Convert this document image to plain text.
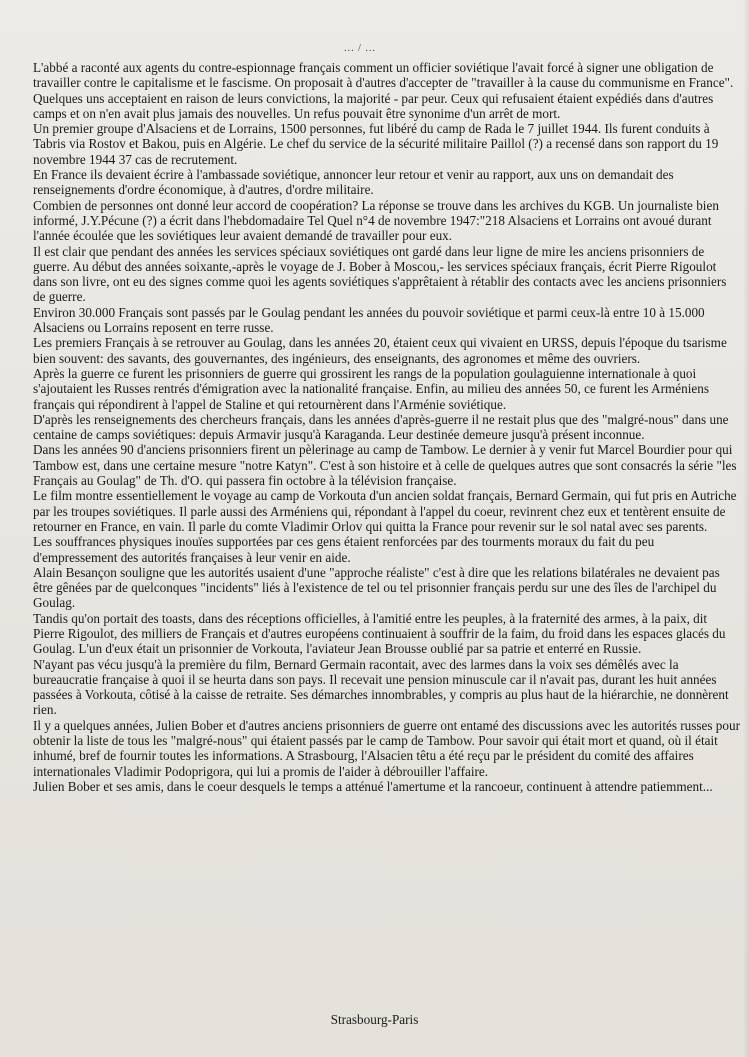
... / ...

L'abbé a raconté aux agents du contre-espionnage français comment un officier soviétique l'avait forcé à signer une obligation de travailler contre le capitalisme et le fascisme. On proposait à d'autres d'accepter de "travailler à la cause du communisme en France". Quelques uns acceptaient en raison de leurs convictions, la majorité - par peur. Ceux qui refusaient étaient expédiés dans d'autres camps et on n'en avait plus jamais des nouvelles. Un refus pouvait être synonime d'un arrêt de mort.

Un premier groupe d'Alsaciens et de Lorrains, 1500 personnes, fut libéré du camp de Rada le 7 juillet 1944. Ils furent conduits à Tabris via Rostov et Bakou, puis en Algérie. Le chef du service de la sécurité militaire Paillol (?) a recensé dans son rapport du 19 novembre 1944 37 cas de recrutement.

En France ils devaient écrire à l'ambassade soviétique, annoncer leur retour et venir au rapport, aux uns on demandait des renseignements d'ordre économique, à d'autres, d'ordre militaire.

Combien de personnes ont donné leur accord de coopération? La réponse se trouve dans les archives du KGB. Un journaliste bien informé, J.Y.Pécune (?) a écrit dans l'hebdomadaire Tel Quel n°4 de novembre 1947:"218 Alsaciens et Lorrains ont avoué durant l'année écoulée que les soviétiques leur avaient demandé de travailler pour eux.

Il est clair que pendant des années les services spéciaux soviétiques ont gardé dans leur ligne de mire les anciens prisonniers de guerre. Au début des années soixante,-après le voyage de J. Bober à Moscou,- les services spéciaux français, écrit Pierre Rigoulot dans son livre, ont eu des signes comme quoi les agents soviétiques s'apprêtaient à rétablir des contacts avec les anciens prisonniers de guerre.

Environ 30.000 Français sont passés par le Goulag pendant les années du pouvoir soviétique et parmi ceux-là entre 10 à 15.000 Alsaciens ou Lorrains reposent en terre russe.

Les premiers Français à se retrouver au Goulag, dans les années 20, étaient ceux qui vivaient en URSS, depuis l'époque du tsarisme bien souvent: des savants, des gouvernantes, des ingénieurs, des enseignants, des agronomes et même des ouvriers.

Après la guerre ce furent les prisonniers de guerre qui grossirent les rangs de la population goulaguienne internationale à quoi s'ajoutaient les Russes rentrés d'émigration avec la nationalité française. Enfin, au milieu des années 50, ce furent les Arméniens français qui répondirent à l'appel de Staline et qui retournèrent dans l'Arménie soviétique.

D'après les renseignements des chercheurs français, dans les années d'après-guerre il ne restait plus que des "malgré-nous" dans une centaine de camps soviétiques: depuis Armavir jusqu'à Karaganda. Leur destinée demeure jusqu'à présent inconnue.

Dans les années 90 d'anciens prisonniers firent un pèlerinage au camp de Tambow. Le dernier à y venir fut Marcel Bourdier pour qui Tambow est, dans une certaine mesure "notre Katyn". C'est à son histoire et à celle de quelques autres que sont consacrés la série "les Français au Goulag" de Th. d'O. qui passera fin octobre à la télévision française.

Le film montre essentiellement le voyage au camp de Vorkouta d'un ancien soldat français, Bernard Germain, qui fut pris en Autriche par les troupes soviétiques. Il parle aussi des Arméniens qui, répondant à l'appel du coeur, revinrent chez eux et tentèrent ensuite de retourner en France, en vain. Il parle du comte Vladimir Orlov qui quitta la France pour revenir sur le sol natal avec ses parents.

Les souffrances physiques inouïes supportées par ces gens étaient renforcées par des tourments moraux du fait du peu d'empressement des autorités françaises à leur venir en aide.

Alain Besançon souligne que les autorités usaient d'une "approche réaliste" c'est à dire que les relations bilatérales ne devaient pas être gênées par de quelconques "incidents" liés à l'existence de tel ou tel prisonnier français perdu sur une des îles de l'archipel du Goulag.

Tandis qu'on portait des toasts, dans des réceptions officielles, à l'amitié entre les peuples, à la fraternité des armes, à la paix, dit Pierre Rigoulot, des milliers de Français et d'autres européens continuaient à souffrir de la faim, du froid dans les espaces glacés du Goulag. L'un d'eux était un prisonnier de Vorkouta, l'aviateur Jean Brousse oublié par sa patrie et enterré en Russie.

N'ayant pas vécu jusqu'à la première du film, Bernard Germain racontait, avec des larmes dans la voix ses démêlés avec la bureaucratie française à quoi il se heurta dans son pays. Il recevait une pension minuscule car il n'avait pas, durant les huit années passées à Vorkouta, côtisé à la caisse de retraite. Ses démarches innombrables, y compris au plus haut de la hiérarchie, ne donnèrent rien.

Il y a quelques années, Julien Bober et d'autres anciens prisonniers de guerre ont entamé des discussions avec les autorités russes pour obtenir la liste de tous les "malgré-nous" qui étaient passés par le camp de Tambow. Pour savoir qui était mort et quand, où il était inhumé, bref de fournir toutes les informations. A Strasbourg, l'Alsacien têtu a été reçu par le président du comité des affaires internationales Vladimir Podoprigora, qui lui a promis de l'aider à débrouiller l'affaire.

Julien Bober et ses amis, dans le coeur desquels le temps a atténué l'amertume et la rancoeur, continuent à attendre patiemment...

Strasbourg-Paris
